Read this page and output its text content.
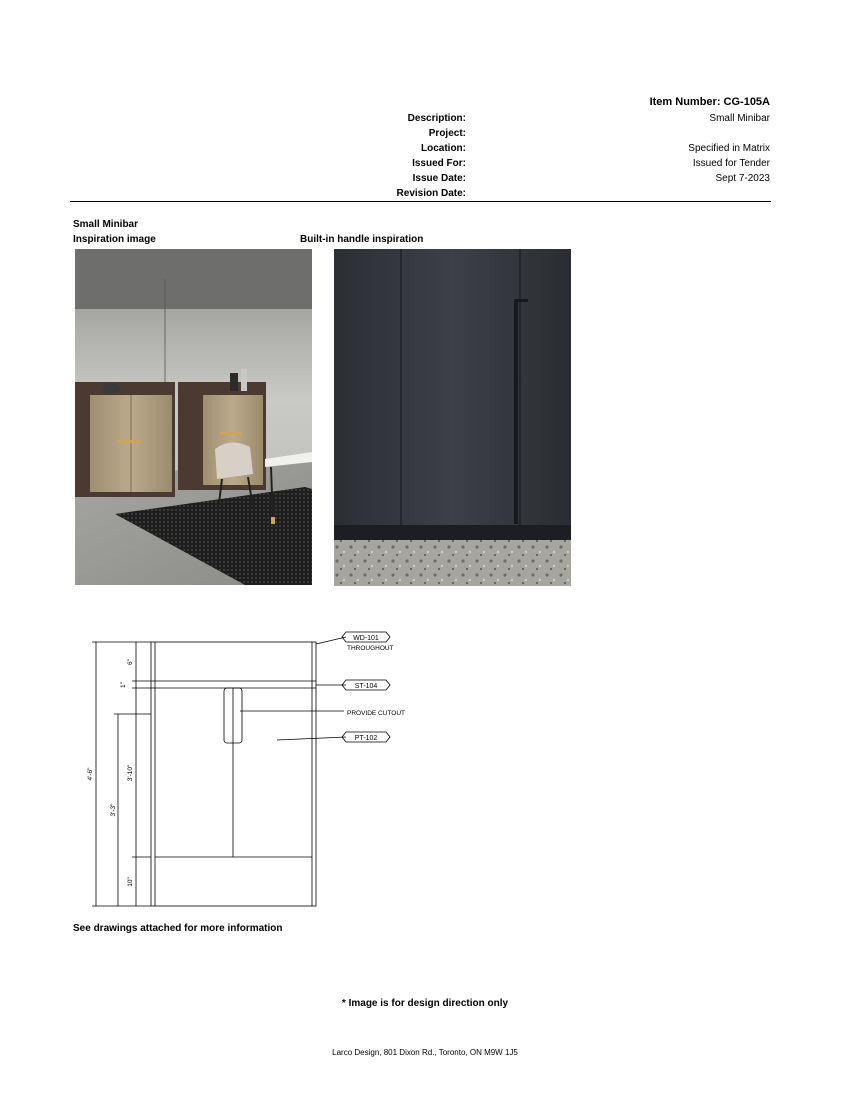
Item Number: CG-105A
Description:	Small Minibar
Project:
Location:	Specified in Matrix
Issued For:	Issued for Tender
Issue Date:	Sept 7-2023
Revision Date:
Small Minibar
Inspiration image	Built-in handle inspiration
WD-101
ST-104
PT-102
THROUGHOUT
PROVIDE CUTOUT
4'-6"
6"
1"
3'-10"
3'-3"
10"
See drawings attached for more information
* Image is for design direction only
Larco Design, 801 Dixon Rd., Toronto, ON M9W 1J5
